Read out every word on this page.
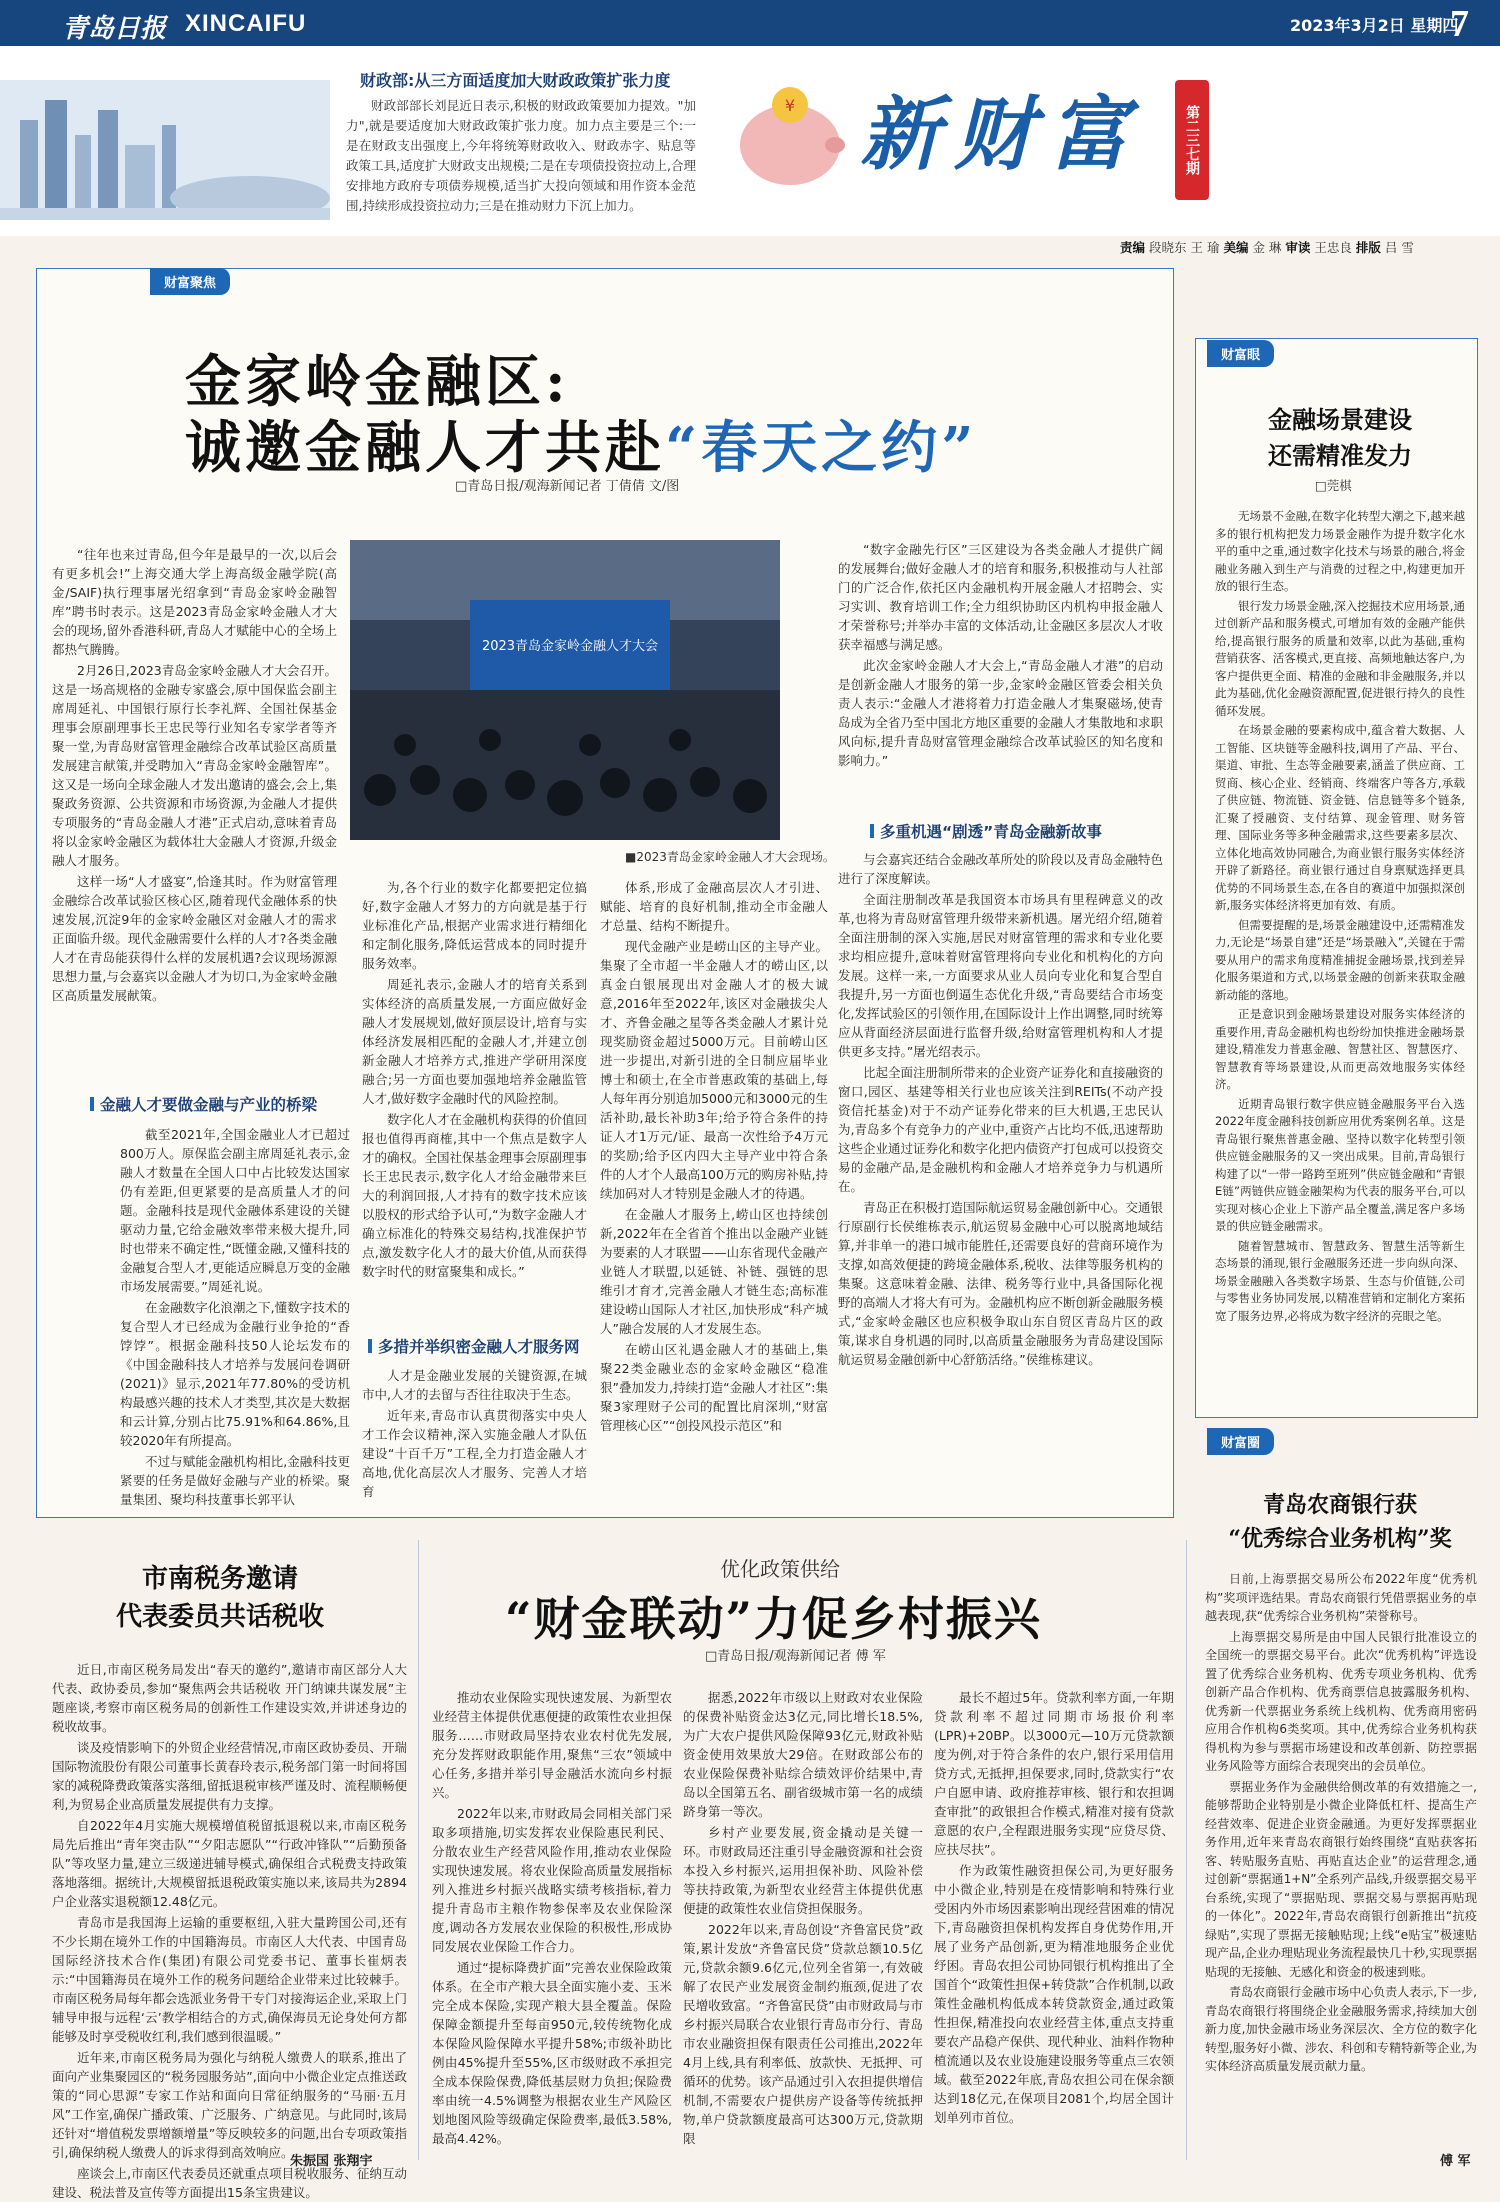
青岛日报 XINCAIFU	2023年3月2日 星期四
7
财政部:从三方面适度加大财政政策扩张力度
财政部部长刘昆近日表示,积极的财政政策要加力提效。"加力",就是要适度加大财政政策扩张力度。加力点主要是三个:一是在财政支出强度上,今年将统筹财政收入、财政赤字、贴息等政策工具,适度扩大财政支出规模;二是在专项债投资拉动上,合理安排地方政府专项债券规模,适当扩大投向领域和用作资本金范围,持续形成投资拉动力;三是在推动财力下沉上加力。
¥ 新财富	第二三七期
责编 段晓东 王 瑜 美编 金 琳 审读 王忠良 排版 吕 雪
财富聚焦
金家岭金融区:
诚邀金融人才共赴“春天之约”
□青岛日报/观海新闻记者 丁倩倩 文/图

“往年也来过青岛,但今年是最早的一次,以后会有更多机会!”上海交通大学上海高级金融学院(高金/SAIF)执行理事屠光绍拿到“青岛金家岭金融智库”聘书时表示。这是2023青岛金家岭金融人才大会的现场,留外香港科研,青岛人才赋能中心的全场上都热气腾腾。

2月26日,2023青岛金家岭金融人才大会召开。这是一场高规格的金融专家盛会,原中国保监会副主席周延礼、中国银行原行长李礼辉、全国社保基金理事会原副理事长王忠民等行业知名专家学者等齐聚一堂,为青岛财富管理金融综合改革试验区高质量发展建言献策,并受聘加入“青岛金家岭金融智库”。这又是一场向全球金融人才发出邀请的盛会,会上,集聚政务资源、公共资源和市场资源,为金融人才提供专项服务的“青岛金融人才港”正式启动,意味着青岛将以金家岭金融区为载体壮大金融人才资源,升级金融人才服务。

这样一场“人才盛宴”,恰逢其时。作为财富管理金融综合改革试验区核心区,随着现代金融体系的快速发展,沉淀9年的金家岭金融区对金融人才的需求正面临升级。现代金融需要什么样的人才?各类金融人才在青岛能获得什么样的发展机遇?会议现场源源思想力量,与会嘉宾以金融人才为切口,为金家岭金融区高质量发展献策。

2023青岛金家岭金融人才大会
■2023青岛金家岭金融人才大会现场。
金融人才要做金融与产业的桥梁

截至2021年,全国金融业人才已超过800万人。原保监会副主席周延礼表示,金融人才数量在全国人口中占比较发达国家仍有差距,但更紧要的是高质量人才的问题。金融科技是现代金融体系建设的关键驱动力量,它给金融效率带来极大提升,同时也带来不确定性,“既懂金融,又懂科技的金融复合型人才,更能适应瞬息万变的金融市场发展需要。”周延礼说。

在金融数字化浪潮之下,懂数字技术的复合型人才已经成为金融行业争抢的“香饽饽”。根据金融科技50人论坛发布的《中国金融科技人才培养与发展问卷调研(2021)》显示,2021年77.80%的受访机构最感兴趣的技术人才类型,其次是大数据和云计算,分别占比75.91%和64.86%,且较2020年有所提高。

不过与赋能金融机构相比,金融科技更紧要的任务是做好金融与产业的桥梁。聚量集团、聚均科技董事长郭平认

为,各个行业的数字化都要把定位搞好,数字金融人才努力的方向就是基于行业标准化产品,根据产业需求进行精细化和定制化服务,降低运营成本的同时提升服务效率。

周延礼表示,金融人才的培育关系到实体经济的高质量发展,一方面应做好金融人才发展规划,做好顶层设计,培育与实体经济发展相匹配的金融人才,并建立创新金融人才培养方式,推进产学研用深度融合;另一方面也要加强地培养金融监管人才,做好数字金融时代的风险控制。

数字化人才在金融机构获得的价值回报也值得再商榷,其中一个焦点是数字人才的确权。全国社保基金理事会原副理事长王忠民表示,数字化人才给金融带来巨大的利润回报,人才持有的数字技术应该以股权的形式给予认可,“为数字金融人才确立标准化的特殊交易结构,找准保护节点,激发数字化人才的最大价值,从而获得数字时代的财富聚集和成长。”

多措并举织密金融人才服务网

人才是金融业发展的关键资源,在城市中,人才的去留与否往往取决于生态。

近年来,青岛市认真贯彻落实中央人才工作会议精神,深入实施金融人才队伍建设“十百千万”工程,全力打造金融人才高地,优化高层次人才服务、完善人才培育

体系,形成了金融高层次人才引进、赋能、培育的良好机制,推动全市金融人才总量、结构不断提升。

现代金融产业是崂山区的主导产业。集聚了全市超一半金融人才的崂山区,以真金白银展现出对金融人才的极大诚意,2016年至2022年,该区对金融拔尖人才、齐鲁金融之星等各类金融人才累计兑现奖励资金超过5000万元。目前崂山区进一步提出,对新引进的全日制应届毕业博士和硕士,在全市普惠政策的基础上,每人每年再分别追加5000元和3000元的生活补助,最长补助3年;给予符合条件的持证人才1万元/证、最高一次性给予4万元的奖励;给予区内四大主导产业中符合条件的人才个人最高100万元的购房补贴,持续加码对人才特别是金融人才的待遇。

在金融人才服务上,崂山区也持续创新,2022年在全省首个推出以金融产业链为要素的人才联盟——山东省现代金融产业链人才联盟,以延链、补链、强链的思维引才育才,完善金融人才链生态;高标准建设崂山国际人才社区,加快形成“科产城人”融合发展的人才发展生态。

在崂山区礼遇金融人才的基础上,集聚22类金融业态的金家岭金融区“稳准狠”叠加发力,持续打造“金融人才社区”:集聚3家理财子公司的配置比肩深圳,“财富管理核心区”“创投风投示范区”和

“数字金融先行区”三区建设为各类金融人才提供广阔的发展舞台;做好金融人才的培育和服务,积极推动与人社部门的广泛合作,依托区内金融机构开展金融人才招聘会、实习实训、教育培训工作;全力组织协助区内机构申报金融人才荣誉称号;并举办丰富的文体活动,让金融区多层次人才收获幸福感与满足感。

此次金家岭金融人才大会上,“青岛金融人才港”的启动是创新金融人才服务的第一步,金家岭金融区管委会相关负责人表示:“金融人才港将着力打造金融人才集聚磁场,使青岛成为全省乃至中国北方地区重要的金融人才集散地和求职风向标,提升青岛财富管理金融综合改革试验区的知名度和影响力。”

多重机遇“剧透”青岛金融新故事

与会嘉宾还结合金融改革所处的阶段以及青岛金融特色进行了深度解读。

全面注册制改革是我国资本市场具有里程碑意义的改革,也将为青岛财富管理升级带来新机遇。屠光绍介绍,随着全面注册制的深入实施,居民对财富管理的需求和专业化要求均相应提升,意味着财富管理将向专业化和机构化的方向发展。这样一来,一方面要求从业人员向专业化和复合型自我提升,另一方面也倒逼生态优化升级,“青岛要结合市场变化,发挥试验区的引领作用,在国际设计上作出调整,同时统筹应从背面经济层面进行监督升级,给财富管理机构和人才提供更多支持。”屠光绍表示。

比起全面注册制所带来的企业资产证券化和直接融资的窗口,园区、基建等相关行业也应该关注到REITs(不动产投资信托基金)对于不动产证券化带来的巨大机遇,王忠民认为,青岛多个有竞争力的产业中,重资产占比均不低,迅速帮助这些企业通过证券化和数字化把内债资产打包成可以投资交易的金融产品,是金融机构和金融人才培养竞争力与机遇所在。

青岛正在积极打造国际航运贸易金融创新中心。交通银行原副行长侯维栋表示,航运贸易金融中心可以脱离地域结算,并非单一的港口城市能胜任,还需要良好的营商环境作为支撑,如高效便捷的跨境金融体系,税收、法律等服务机构的集聚。这意味着金融、法律、税务等行业中,具备国际化视野的高端人才将大有可为。金融机构应不断创新金融服务模式,“金家岭金融区也应积极争取山东自贸区青岛片区的政策,谋求自身机遇的同时,以高质量金融服务为青岛建设国际航运贸易金融创新中心舒筋活络。”侯维栋建议。

财富眼
金融场景建设
还需精准发力
□莞棋

无场景不金融,在数字化转型大潮之下,越来越多的银行机构把发力场景金融作为提升数字化水平的重中之重,通过数字化技术与场景的融合,将金融业务融入到生产与消费的过程之中,构建更加开放的银行生态。

银行发力场景金融,深入挖掘技术应用场景,通过创新产品和服务模式,可增加有效的金融产能供给,提高银行服务的质量和效率,以此为基础,重构营销获客、活客模式,更直接、高频地触达客户,为客户提供更全面、精准的金融和非金融服务,并以此为基础,优化金融资源配置,促进银行持久的良性循环发展。

在场景金融的要素构成中,蕴含着大数据、人工智能、区块链等金融科技,调用了产品、平台、渠道、审批、生态等金融要素,涵盖了供应商、工贸商、核心企业、经销商、终端客户等各方,承载了供应链、物流链、资金链、信息链等多个链条,汇聚了授融资、支付结算、现金管理、财务管理、国际业务等多种金融需求,这些要素多层次、立体化地高效协同融合,为商业银行服务实体经济开辟了新路径。商业银行通过自身禀赋选择更具优势的不同场景生态,在各自的赛道中加强拟深创新,服务实体经济将更加有效、有质。

但需要提醒的是,场景金融建设中,还需精准发力,无论是“场景自建”还是“场景融入”,关键在于需要从用户的需求角度精准捕捉金融场景,找到差异化服务渠道和方式,以场景金融的创新来获取金融新动能的落地。

正是意识到金融场景建设对服务实体经济的重要作用,青岛金融机构也纷纷加快推进金融场景建设,精准发力普惠金融、智慧社区、智慧医疗、智慧教育等场景建设,从而更高效地服务实体经济。

近期青岛银行数字供应链金融服务平台入选2022年度金融科技创新应用优秀案例名单。这是青岛银行聚焦普惠金融、坚持以数字化转型引领供应链金融服务的又一突出成果。目前,青岛银行构建了以“一带一路跨至班列”供应链金融和“青银E链”两链供应链金融架构为代表的服务平台,可以实现对核心企业上下游产品全覆盖,满足客户多场景的供应链金融需求。

随着智慧城市、智慧政务、智慧生活等新生态场景的涌现,银行金融服务还进一步向纵向深、场景金融融入各类数字场景、生态与价值链,公司与零售业务协同发展,以精准营销和定制化方案拓宽了服务边界,必将成为数字经济的亮眼之笔。

财富圈
青岛农商银行获
“优秀综合业务机构”奖

日前,上海票据交易所公布2022年度“优秀机构”奖项评选结果。青岛农商银行凭借票据业务的卓越表现,获“优秀综合业务机构”荣誉称号。

上海票据交易所是由中国人民银行批准设立的全国统一的票据交易平台。此次“优秀机构”评选设置了优秀综合业务机构、优秀专项业务机构、优秀创新产品合作机构、优秀商票信息披露服务机构、优秀新一代票据业务系统上线机构、优秀商用密码应用合作机构6类奖项。其中,优秀综合业务机构获得机构为参与票据市场建设和改革创新、防控票据业务风险等方面综合表现突出的会员单位。

票据业务作为金融供给侧改革的有效措施之一,能够帮助企业特别是小微企业降低杠杆、提高生产经营效率、促进企业资金融通。为更好发挥票据业务作用,近年来青岛农商银行始终围绕“直贴获客拓客、转贴服务直贴、再贴直达企业”的运营理念,通过创新“票据通1+N”全系列产品线,升级票据交易平台系统,实现了“票据贴现、票据交易与票据再贴现的一体化”。2022年,青岛农商银行创新推出“抗疫绿贴”,实现了票据无接触贴现;上线“e贴宝”极速贴现产品,企业办理贴现业务流程最快几十秒,实现票据贴现的无接触、无感化和资金的极速到账。

青岛农商银行金融市场中心负责人表示,下一步,青岛农商银行将围绕企业金融服务需求,持续加大创新力度,加快金融市场业务深层次、全方位的数字化转型,服务好小微、涉农、科创和专精特新等企业,为实体经济高质量发展贡献力量。

傅 军
市南税务邀请
代表委员共话税收

近日,市南区税务局发出“春天的邀约”,邀请市南区部分人大代表、政协委员,参加“聚焦两会共话税收 开门纳谏共谋发展”主题座谈,考察市南区税务局的创新性工作建设实效,并讲述身边的税收故事。

谈及疫情影响下的外贸企业经营情况,市南区政协委员、开瑞国际物流股份有限公司董事长黄春玲表示,税务部门第一时间将国家的减税降费政策落实落细,留抵退税审核严谨及时、流程顺畅便利,为贸易企业高质量发展提供有力支撑。

自2022年4月实施大规模增值税留抵退税以来,市南区税务局先后推出“青年突击队”“夕阳志愿队”“行政冲锋队”“后勤预备队”等攻坚力量,建立三级递进辅导模式,确保组合式税费支持政策落地落细。据统计,大规模留抵退税政策实施以来,该局共为2894户企业落实退税额12.48亿元。

青岛市是我国海上运输的重要枢纽,入驻大量跨国公司,还有不少长期在境外工作的中国籍海员。市南区人大代表、中国青岛国际经济技术合作(集团)有限公司党委书记、董事长崔炳表示:“中国籍海员在境外工作的税务问题给企业带来过比较棘手。市南区税务局每年都会选派业务骨干专门对接海运企业,采取上门辅导申报与远程‘云’教学相结合的方式,确保海员无论身处何方都能够及时享受税收红利,我们感到很温暖。”

近年来,市南区税务局为强化与纳税人缴费人的联系,推出了面向产业集聚园区的“税务园服务站”,面向中小微企业定点推送政策的“同心思源”专家工作站和面向日常征纳服务的“马丽·五月风”工作室,确保广播政策、广泛服务、广纳意见。与此同时,该局还针对“增值税发票增额增量”等反映较多的问题,出台专项政策指引,确保纳税人缴费人的诉求得到高效响应。

座谈会上,市南区代表委员还就重点项目税收服务、征纳互动建设、税法普及宣传等方面提出15条宝贵建议。

朱振国 张翔宇
优化政策供给
“财金联动”力促乡村振兴
□青岛日报/观海新闻记者 傅 军

推动农业保险实现快速发展、为新型农业经营主体提供优惠便捷的政策性农业担保服务……市财政局坚持农业农村优先发展,充分发挥财政职能作用,聚焦“三农”领域中心任务,多措并举引导金融活水流向乡村振兴。

2022年以来,市财政局会同相关部门采取多项措施,切实发挥农业保险惠民利民、分散农业生产经营风险作用,推动农业保险实现快速发展。将农业保险高质量发展指标列入推进乡村振兴战略实绩考核指标,着力提升青岛市主粮作物参保率及农业保险深度,调动各方发展农业保险的积极性,形成协同发展农业保险工作合力。

通过“提标降费扩面”完善农业保险政策体系。在全市产粮大县全面实施小麦、玉米完全成本保险,实现产粮大县全覆盖。保险保障金额提升至每亩950元,较传统物化成本保险风险保障水平提升58%;市级补助比例由45%提升至55%,区市级财政不承担完全成本保险保费,降低基层财力负担;保险费率由统一4.5%调整为根据农业生产风险区划地图风险等级确定保险费率,最低3.58%,最高4.42%。

据悉,2022年市级以上财政对农业保险的保费补贴资金达3亿元,同比增长18.5%,为广大农户提供风险保障93亿元,财政补贴资金使用效果放大29倍。在财政部公布的农业保险保费补贴综合绩效评价结果中,青岛以全国第五名、副省级城市第一名的成绩跻身第一等次。

乡村产业要发展,资金撬动是关键一环。市财政局还注重引导金融资源和社会资本投入乡村振兴,运用担保补助、风险补偿等扶持政策,为新型农业经营主体提供优惠便捷的政策性农业信贷担保服务。

2022年以来,青岛创设“齐鲁富民贷”政策,累计发放“齐鲁富民贷”贷款总额10.5亿元,贷款余额9.6亿元,位列全省第一,有效破解了农民产业发展资金制约瓶颈,促进了农民增收致富。“齐鲁富民贷”由市财政局与市乡村振兴局联合农业银行青岛市分行、青岛市农业融资担保有限责任公司推出,2022年4月上线,具有利率低、放款快、无抵押、可循环的优势。该产品通过引入农担提供增信机制,不需要农户提供房产设备等传统抵押物,单户贷款额度最高可达300万元,贷款期限

最长不超过5年。贷款利率方面,一年期贷款利率不超过同期市场报价利率(LPR)+20BP。以3000元—10万元贷款额度为例,对于符合条件的农户,银行采用信用贷方式,无抵押,担保要求,同时,贷款实行“农户自愿申请、政府推荐审核、银行和农担调查审批”的政银担合作模式,精准对接有贷款意愿的农户,全程跟进服务实现“应贷尽贷、应扶尽扶”。

作为政策性融资担保公司,为更好服务中小微企业,特别是在疫情影响和特殊行业受困内外市场因素影响出现经营困难的情况下,青岛融资担保机构发挥自身优势作用,开展了业务产品创新,更为精准地服务企业优纾困。青岛农担公司协同银行机构推出了全国首个“政策性担保+转贷款”合作机制,以政策性金融机构低成本转贷款资金,通过政策性担保,精准投向农业经营主体,重点支持重要农产品稳产保供、现代种业、油料作物种植流通以及农业设施建设服务等重点三农领域。截至2022年底,青岛农担公司在保余额达到18亿元,在保项目2081个,均居全国计划单列市首位。
